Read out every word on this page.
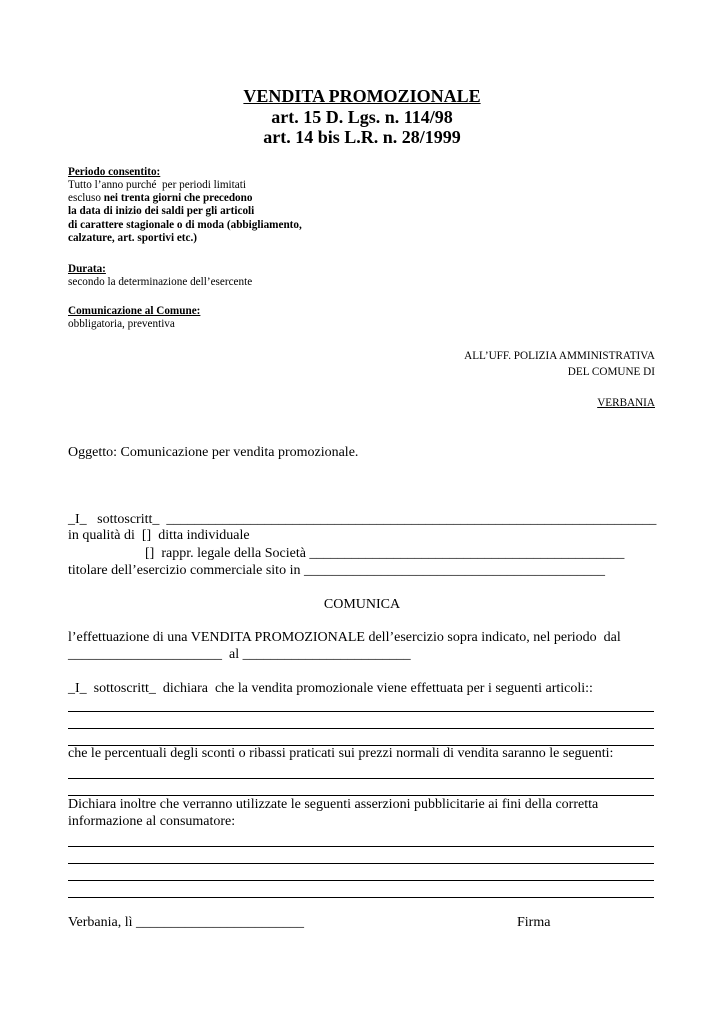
VENDITA PROMOZIONALE
art. 15 D. Lgs. n. 114/98
art. 14 bis L.R. n. 28/1999
Periodo consentito:
Tutto l’anno purché  per periodi limitati
escluso nei trenta giorni che precedono
la data di inizio dei saldi per gli articoli
di carattere stagionale o di moda (abbigliamento,
calzature, art. sportivi etc.)
Durata:
secondo la determinazione dell’esercente
Comunicazione al Comune:
obbligatoria, preventiva
ALL’UFF. POLIZIA AMMINISTRATIVA
DEL COMUNE DI
VERBANIA
Oggetto: Comunicazione per vendita promozionale.
_I_   sottoscritt_  ______________________________________________________________________
in qualità di  []  ditta individuale
[]  rappr. legale della Società _____________________________________________
titolare dell’esercizio commerciale sito in ___________________________________________
COMUNICA
l’effettuazione di una VENDITA PROMOZIONALE dell’esercizio sopra indicato, nel periodo  dal
______________________  al ________________________
_I_  sottoscritt_  dichiara  che la vendita promozionale viene effettuata per i seguenti articoli::
che le percentuali degli sconti o ribassi praticati sui prezzi normali di vendita saranno le seguenti:
Dichiara inoltre che verranno utilizzate le seguenti asserzioni pubblicitarie ai fini della corretta
informazione al consumatore:
Verbania, lì ________________________	Firma
